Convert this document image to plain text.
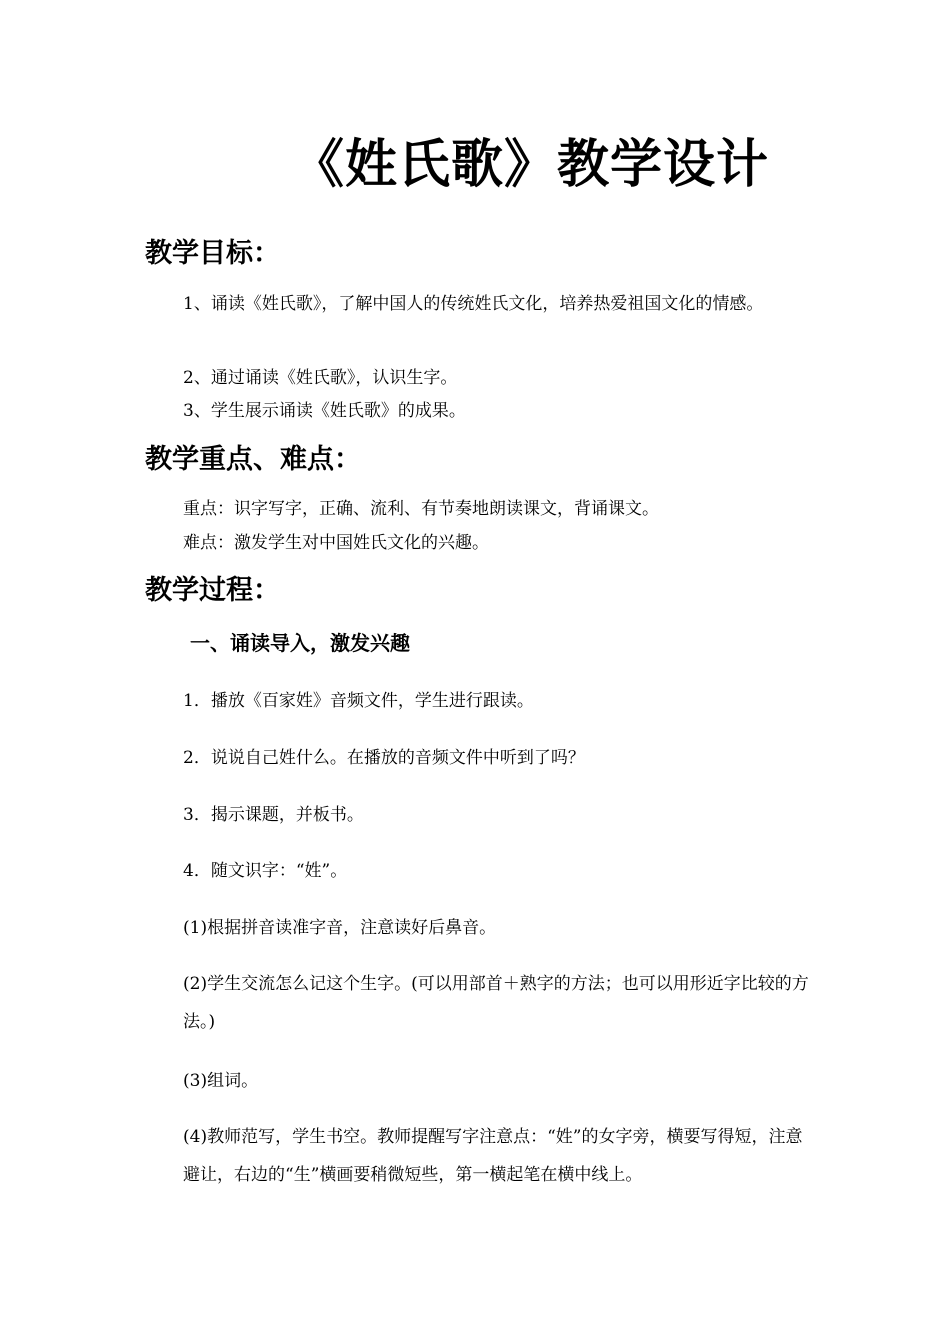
《姓氏歌》教学设计
教学目标：

1、诵读《姓氏歌》，了解中国人的传统姓氏文化，培养热爱祖国文化的情感。

2、通过诵读《姓氏歌》，认识生字。
3、学生展示诵读《姓氏歌》的成果。
教学重点、难点：
重点：识字写字，正确、流利、有节奏地朗读课文，背诵课文。
难点：激发学生对中国姓氏文化的兴趣。
教学过程：
一、诵读导入，激发兴趣
1．播放《百家姓》音频文件，学生进行跟读。
2．说说自己姓什么。在播放的音频文件中听到了吗？
3．揭示课题，并板书。
4．随文识字：“姓”。
(1)根据拼音读准字音，注意读好后鼻音。

(2)学生交流怎么记这个生字。(可以用部首＋熟字的方法；也可以用形近字比较的方法。)

(3)组词。

(4)教师范写，学生书空。教师提醒写字注意点：“姓”的女字旁，横要写得短，注意避让，右边的“生”横画要稍微短些，第一横起笔在横中线上。
